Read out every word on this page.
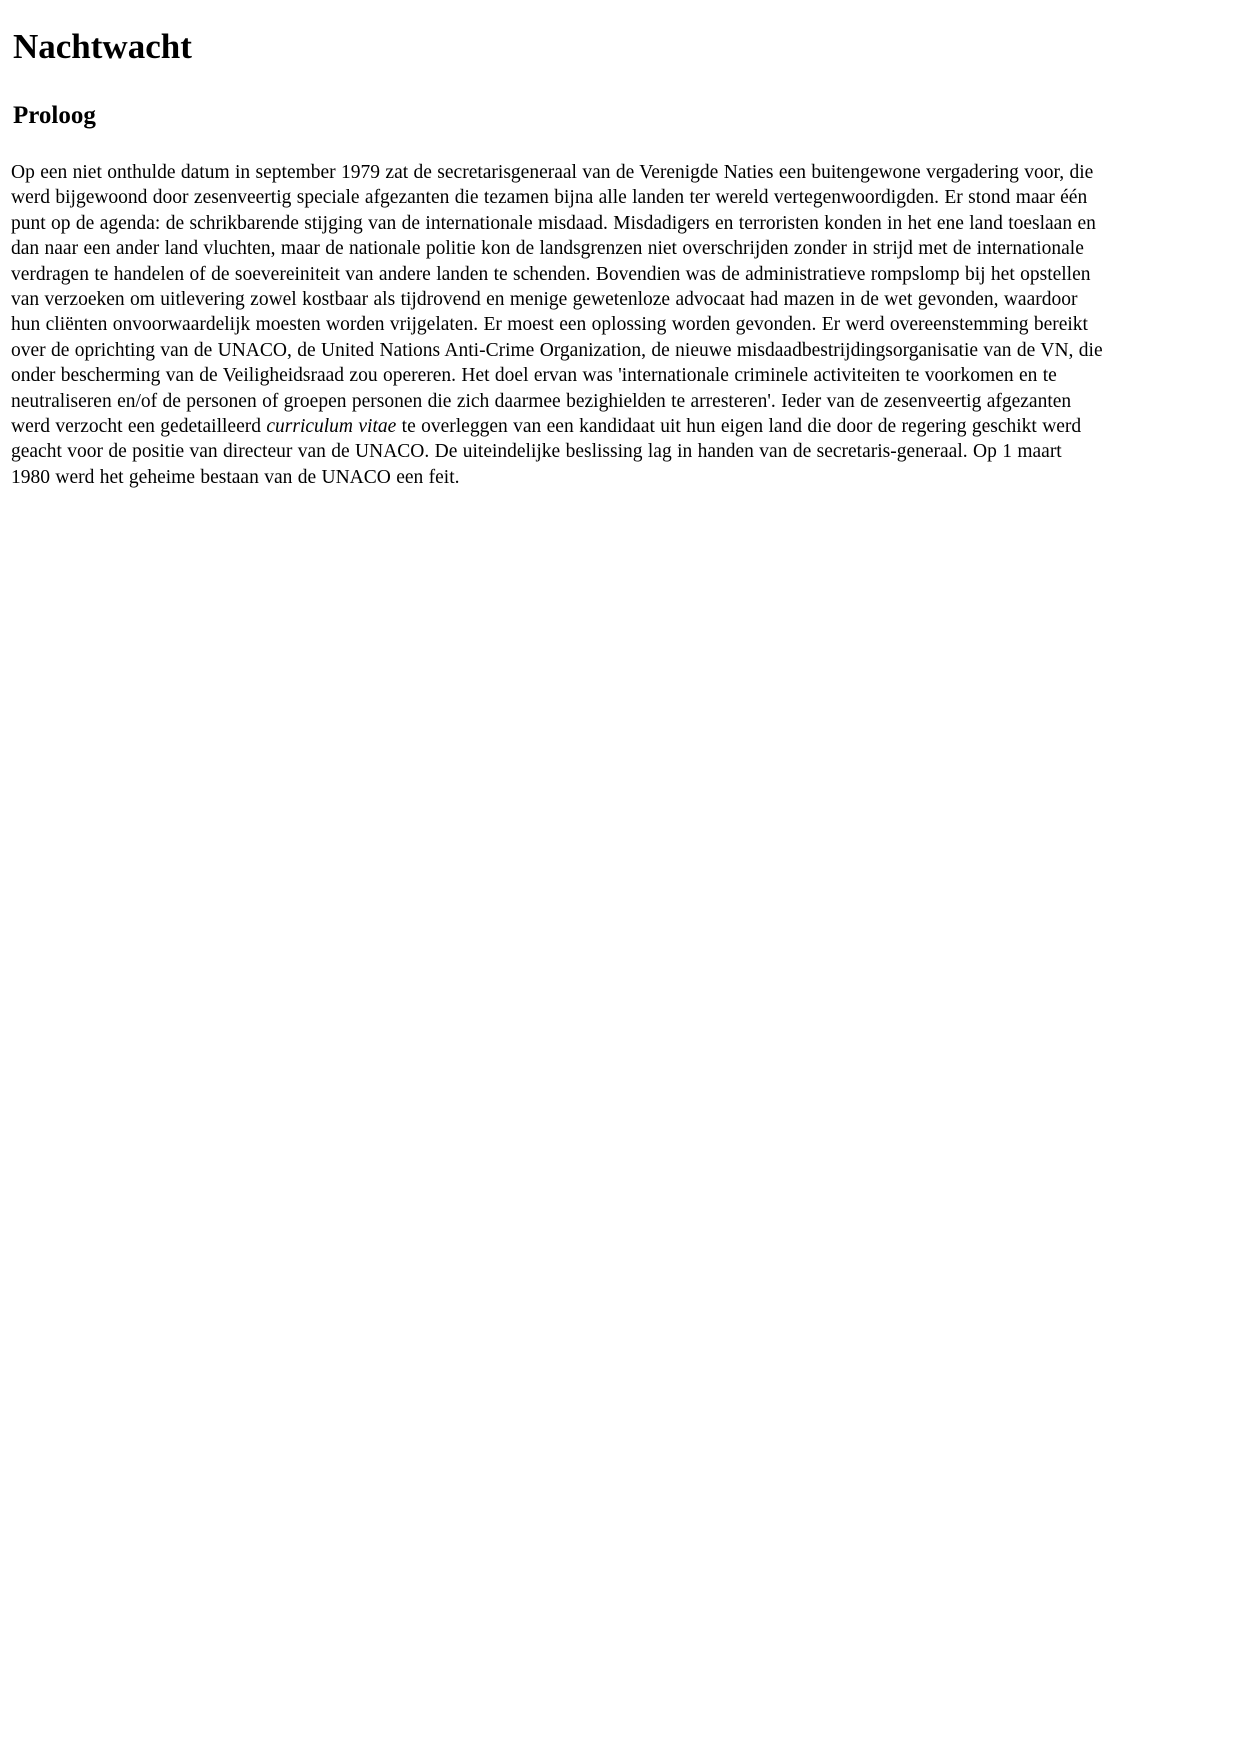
Nachtwacht
Proloog

Op een niet onthulde datum in september 1979 zat de secretarisgeneraal van de Verenigde Naties een buitengewone vergadering voor, die werd bijgewoond door zesenveertig speciale afgezanten die tezamen bijna alle landen ter wereld vertegenwoordigden. Er stond maar één punt op de agenda: de schrikbarende stijging van de internationale misdaad. Misdadigers en terroristen konden in het ene land toeslaan en dan naar een ander land vluchten, maar de nationale politie kon de landsgrenzen niet overschrijden zonder in strijd met de internationale verdragen te handelen of de soevereiniteit van andere landen te schenden. Bovendien was de administratieve rompslomp bij het opstellen van verzoeken om uitlevering zowel kostbaar als tijdrovend en menige gewetenloze advocaat had mazen in de wet gevonden, waardoor hun cliënten onvoorwaardelijk moesten worden vrijgelaten. Er moest een oplossing worden gevonden. Er werd overeenstemming bereikt over de oprichting van de UNACO, de United Nations Anti-Crime Organization, de nieuwe misdaadbestrijdingsorganisatie van de VN, die onder bescherming van de Veiligheidsraad zou opereren. Het doel ervan was 'internationale criminele activiteiten te voorkomen en te neutraliseren en/of de personen of groepen personen die zich daarmee bezighielden te arresteren'. Ieder van de zesenveertig afgezanten werd verzocht een gedetailleerd curriculum vitae te overleggen van een kandidaat uit hun eigen land die door de regering geschikt werd geacht voor de positie van directeur van de UNACO. De uiteindelijke beslissing lag in handen van de secretaris-generaal. Op 1 maart 1980 werd het geheime bestaan van de UNACO een feit.
